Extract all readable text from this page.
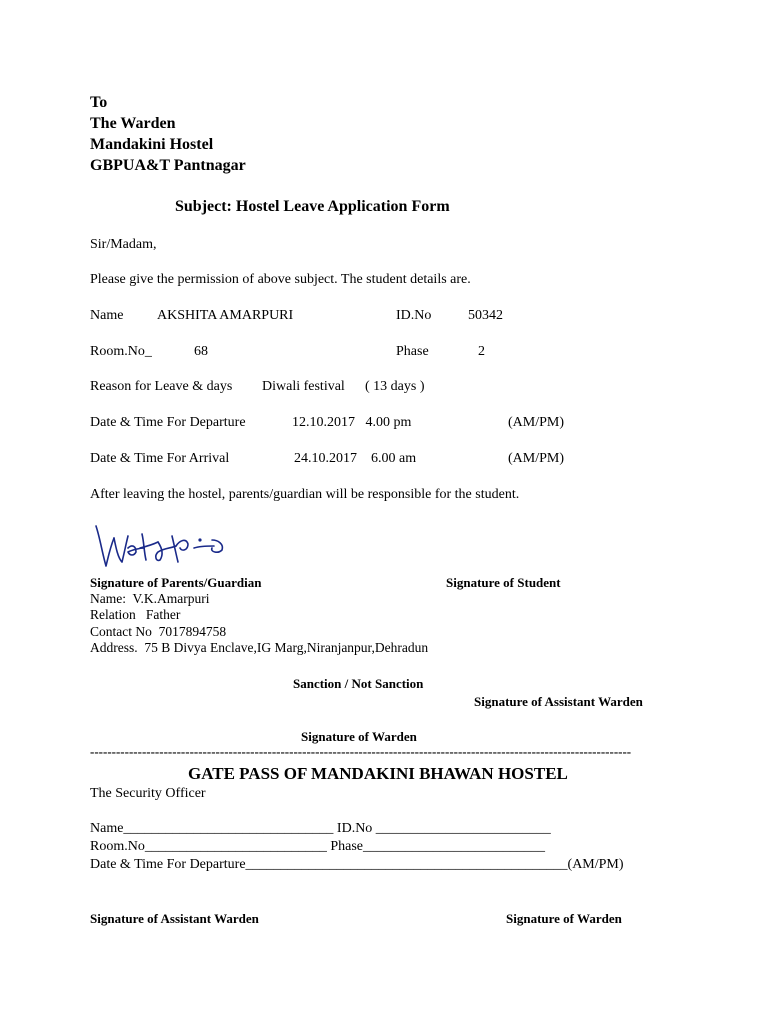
To
The Warden
Mandakini Hostel
GBPUA&T Pantnagar
Subject: Hostel Leave Application Form
Sir/Madam,
Please give the permission of above subject. The student details are.
Name AKSHITA AMARPURI	ID.No	50342
Room.No_	68	Phase	2
Reason for Leave & days Diwali festival ( 13 days )
Date & Time For Departure	12.10.2017   4.00 pm	(AM/PM)
Date & Time For Arrival	24.10.2017    6.00 am	(AM/PM)
After leaving the hostel, parents/guardian will be responsible for the student.
Signature of Parents/Guardian	Signature of Student
Name:  V.K.Amarpuri
Relation   Father
Contact No  7017894758
Address.  75 B Divya Enclave,IG Marg,Niranjanpur,Dehradun
Sanction / Not Sanction
Signature of Assistant Warden
Signature of Warden
-----------------------------------------------------------------------------------------------------------------------------
GATE PASS OF MANDAKINI BHAWAN HOSTEL
The Security Officer
Name______________________________ ID.No _________________________
Room.No__________________________ Phase__________________________
Date & Time For Departure______________________________________________(AM/PM)
Signature of Assistant Warden	Signature of Warden
